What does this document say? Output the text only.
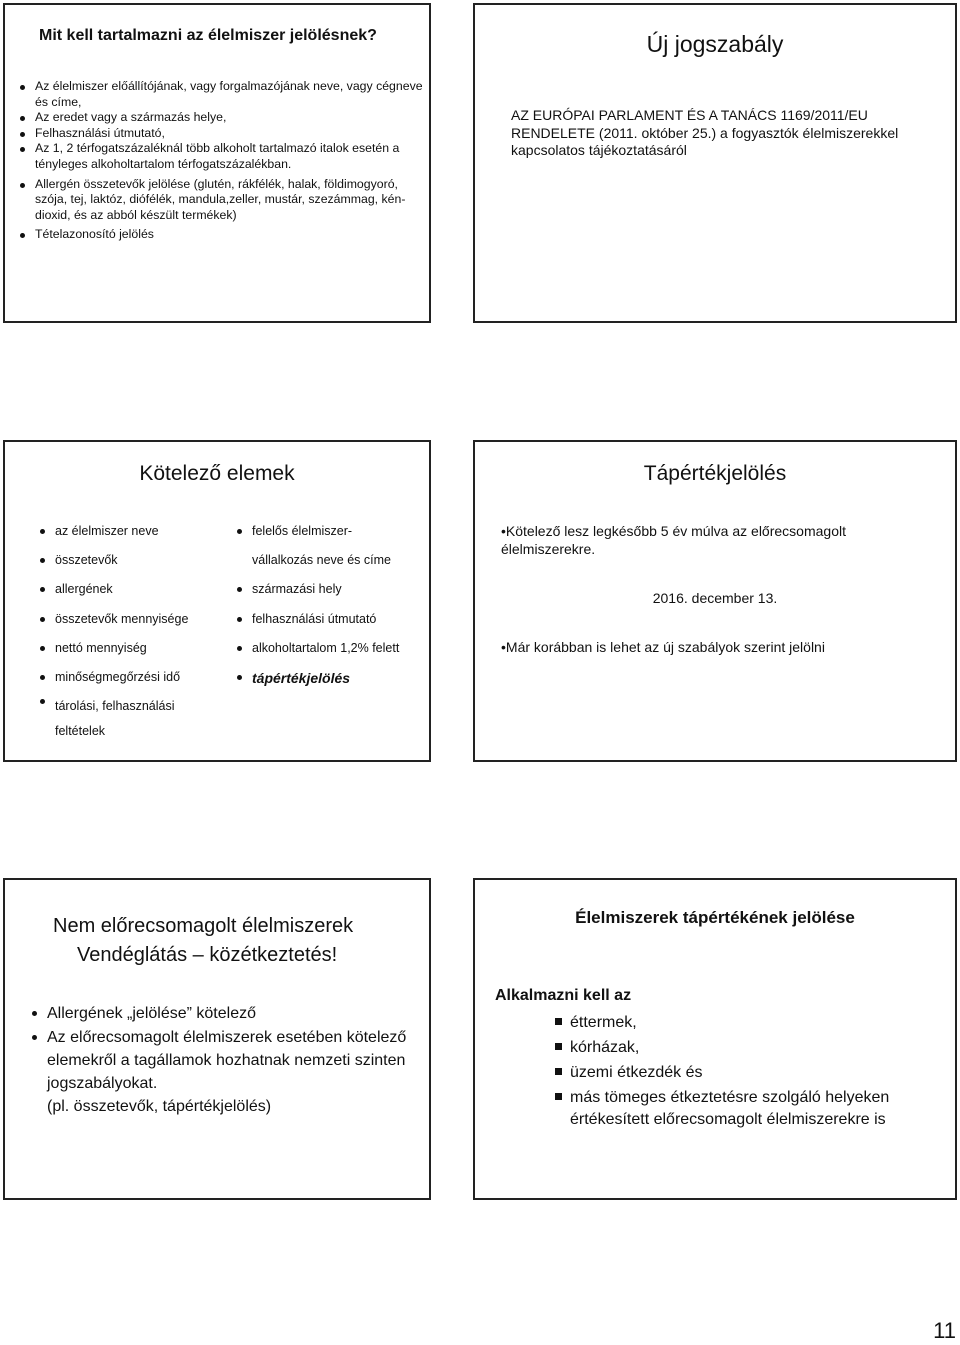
Mit kell tartalmazni az élelmiszer jelölésnek?
Az élelmiszer előállítójának, vagy forgalmazójának neve, vagy cégneve és címe,
Az eredet vagy a származás helye,
Felhasználási útmutató,
Az 1, 2 térfogatszázaléknál több alkoholt tartalmazó italok esetén a tényleges alkoholtartalom térfogatszázalékban.
Allergén összetevők jelölése (glutén, rákfélék, halak, földimogyoró, szója, tej, laktóz, diófélék, mandula,zeller, mustár, szezámmag, kén-dioxid, és az abból készült termékek)
Tételazonosító jelölés
Új jogszabály
AZ EURÓPAI PARLAMENT ÉS A TANÁCS 1169/2011/EU RENDELETE (2011. október 25.) a fogyasztók élelmiszerekkel kapcsolatos tájékoztatásáról
Kötelező elemek
az élelmiszer neve
összetevők
allergének
összetevők mennyisége
nettó mennyiség
minőségmegőrzési idő
tárolási, felhasználási feltételek
felelős élelmiszer-
vállalkozás neve és címe
származási hely
felhasználási útmutató
alkoholtartalom 1,2% felett
tápértékjelölés
Tápértékjelölés
•Kötelező lesz legkésőbb 5 év múlva az előrecsomagolt élelmiszerekre.
2016. december 13.
•Már korábban is lehet az új szabályok szerint jelölni
Nem előrecsomagolt élelmiszerek
Vendéglátás – közétkeztetés!
Allergének „jelölése” kötelező
Az előrecsomagolt élelmiszerek esetében kötelező elemekről a tagállamok hozhatnak nemzeti szinten jogszabályokat.
(pl. összetevők, tápértékjelölés)
Élelmiszerek tápértékének jelölése
Alkalmazni kell az
éttermek,
kórházak,
üzemi étkezdék és
más tömeges étkeztetésre szolgáló helyeken értékesített előrecsomagolt élelmiszerekre is
11
